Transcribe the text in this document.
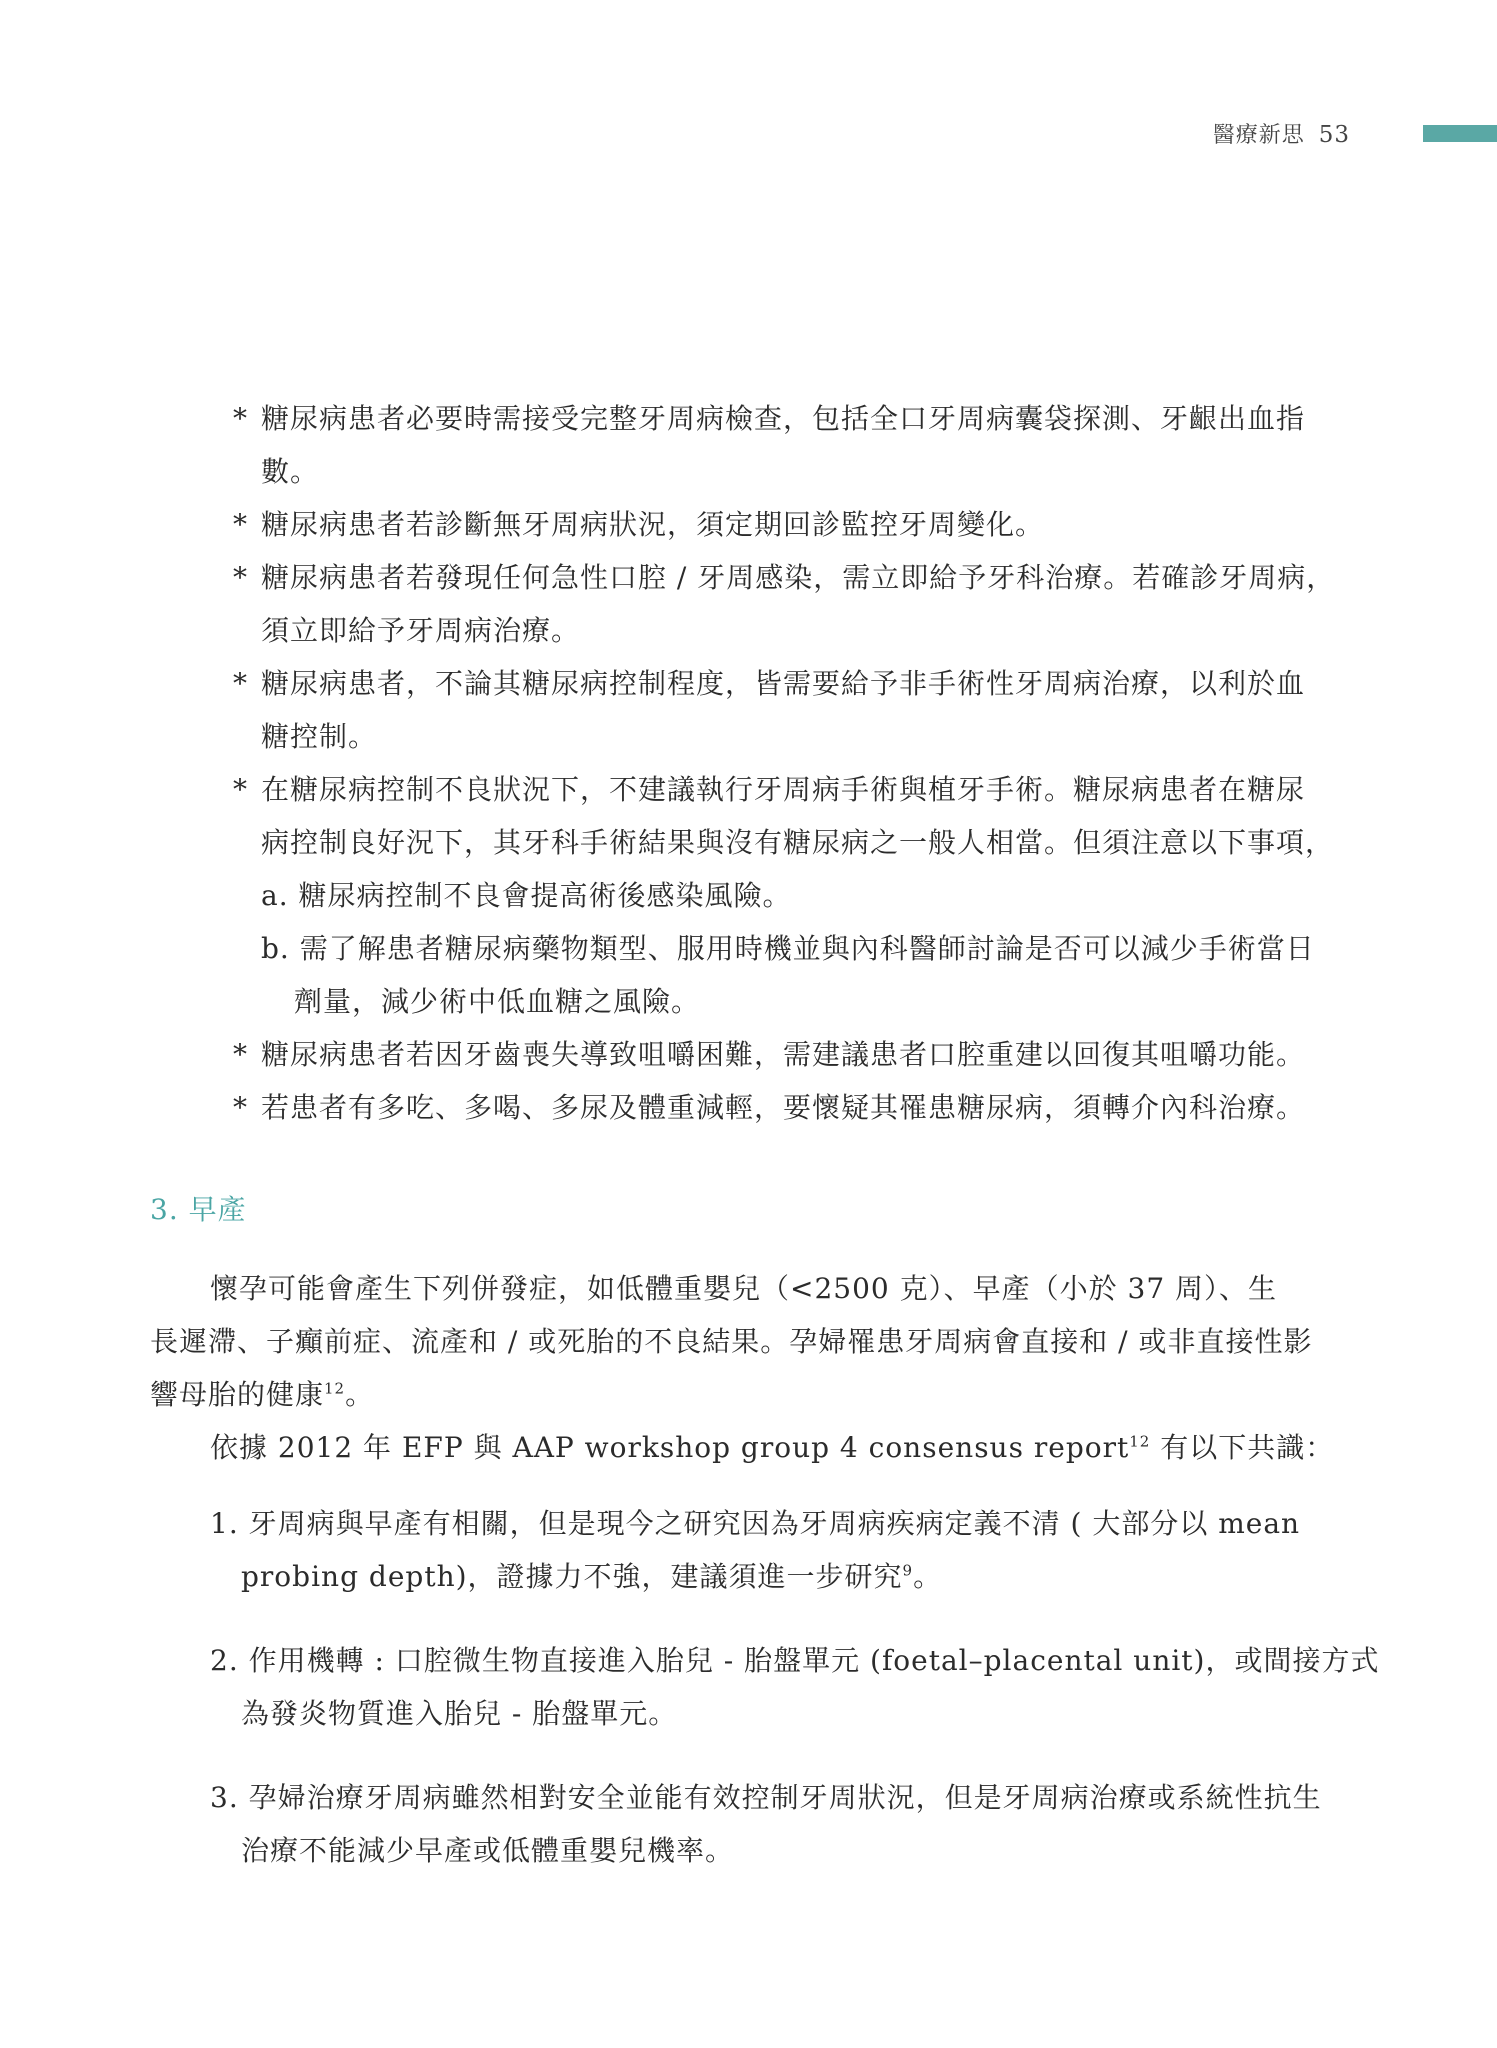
醫療新思 53
* 糖尿病患者必要時需接受完整牙周病檢查，包括全口牙周病囊袋探測、牙齦出血指
數。
* 糖尿病患者若診斷無牙周病狀況，須定期回診監控牙周變化。
* 糖尿病患者若發現任何急性口腔 / 牙周感染，需立即給予牙科治療。若確診牙周病，
須立即給予牙周病治療。
* 糖尿病患者，不論其糖尿病控制程度，皆需要給予非手術性牙周病治療，以利於血
糖控制。
* 在糖尿病控制不良狀況下，不建議執行牙周病手術與植牙手術。糖尿病患者在糖尿
病控制良好況下，其牙科手術結果與沒有糖尿病之一般人相當。但須注意以下事項，
a. 糖尿病控制不良會提高術後感染風險。
b. 需了解患者糖尿病藥物類型、服用時機並與內科醫師討論是否可以減少手術當日
劑量，減少術中低血糖之風險。
* 糖尿病患者若因牙齒喪失導致咀嚼困難，需建議患者口腔重建以回復其咀嚼功能。
* 若患者有多吃、多喝、多尿及體重減輕，要懷疑其罹患糖尿病，須轉介內科治療。
3. 早產
懷孕可能會產生下列併發症，如低體重嬰兒（<2500 克）、早產（小於 37 周）、生
長遲滯、子癲前症、流產和 / 或死胎的不良結果。孕婦罹患牙周病會直接和 / 或非直接性影
響母胎的健康$^{12}$。
依據 2012 年 EFP 與 AAP workshop group 4 consensus report$^{12}$ 有以下共識：
1. 牙周病與早產有相關，但是現今之研究因為牙周病疾病定義不清 ( 大部分以 mean
probing depth)，證據力不強，建議須進一步研究$^9$。
2. 作用機轉 : 口腔微生物直接進入胎兒 - 胎盤單元 (foetal–placental unit)，或間接方式
為發炎物質進入胎兒 - 胎盤單元。
3. 孕婦治療牙周病雖然相對安全並能有效控制牙周狀況，但是牙周病治療或系統性抗生
治療不能減少早產或低體重嬰兒機率。
